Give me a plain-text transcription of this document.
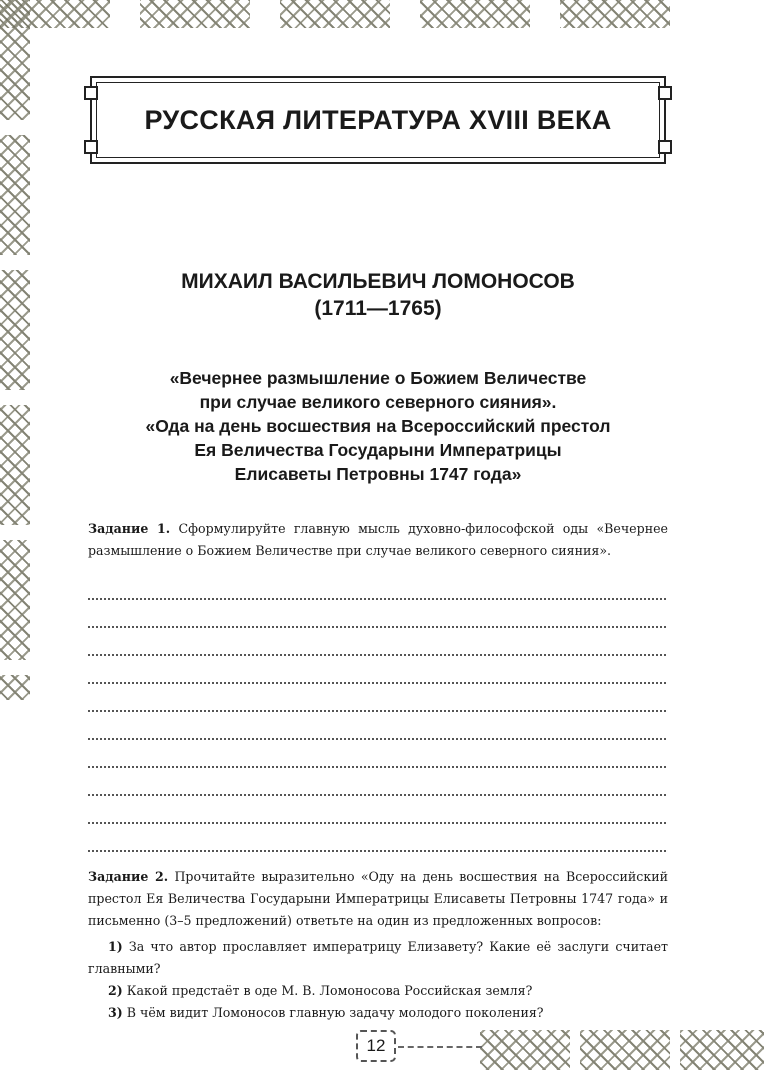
РУССКАЯ ЛИТЕРАТУРА XVIII ВЕКА
МИХАИЛ ВАСИЛЬЕВИЧ ЛОМОНОСОВ
(1711—1765)
«Вечернее размышление о Божием Величестве
при случае великого северного сияния».
«Ода на день восшествия на Всероссийский престол
Ея Величества Государыни Императрицы
Елисаветы Петровны 1747 года»
Задание 1. Сформулируйте главную мысль духовно-философской оды «Вечернее размышление о Божием Величестве при случае великого северного сияния».

Задание 2. Прочитайте выразительно «Оду на день восшествия на Всероссийский престол Ея Величества Государыни Императрицы Елисаветы Петровны 1747 года» и письменно (3–5 предложений) ответьте на один из предложенных вопросов:

1) За что автор прославляет императрицу Елизавету? Какие её заслуги считает главными?

2) Какой предстаёт в оде М. В. Ломоносова Российская земля?

3) В чём видит Ломоносов главную задачу молодого поколения?

12
